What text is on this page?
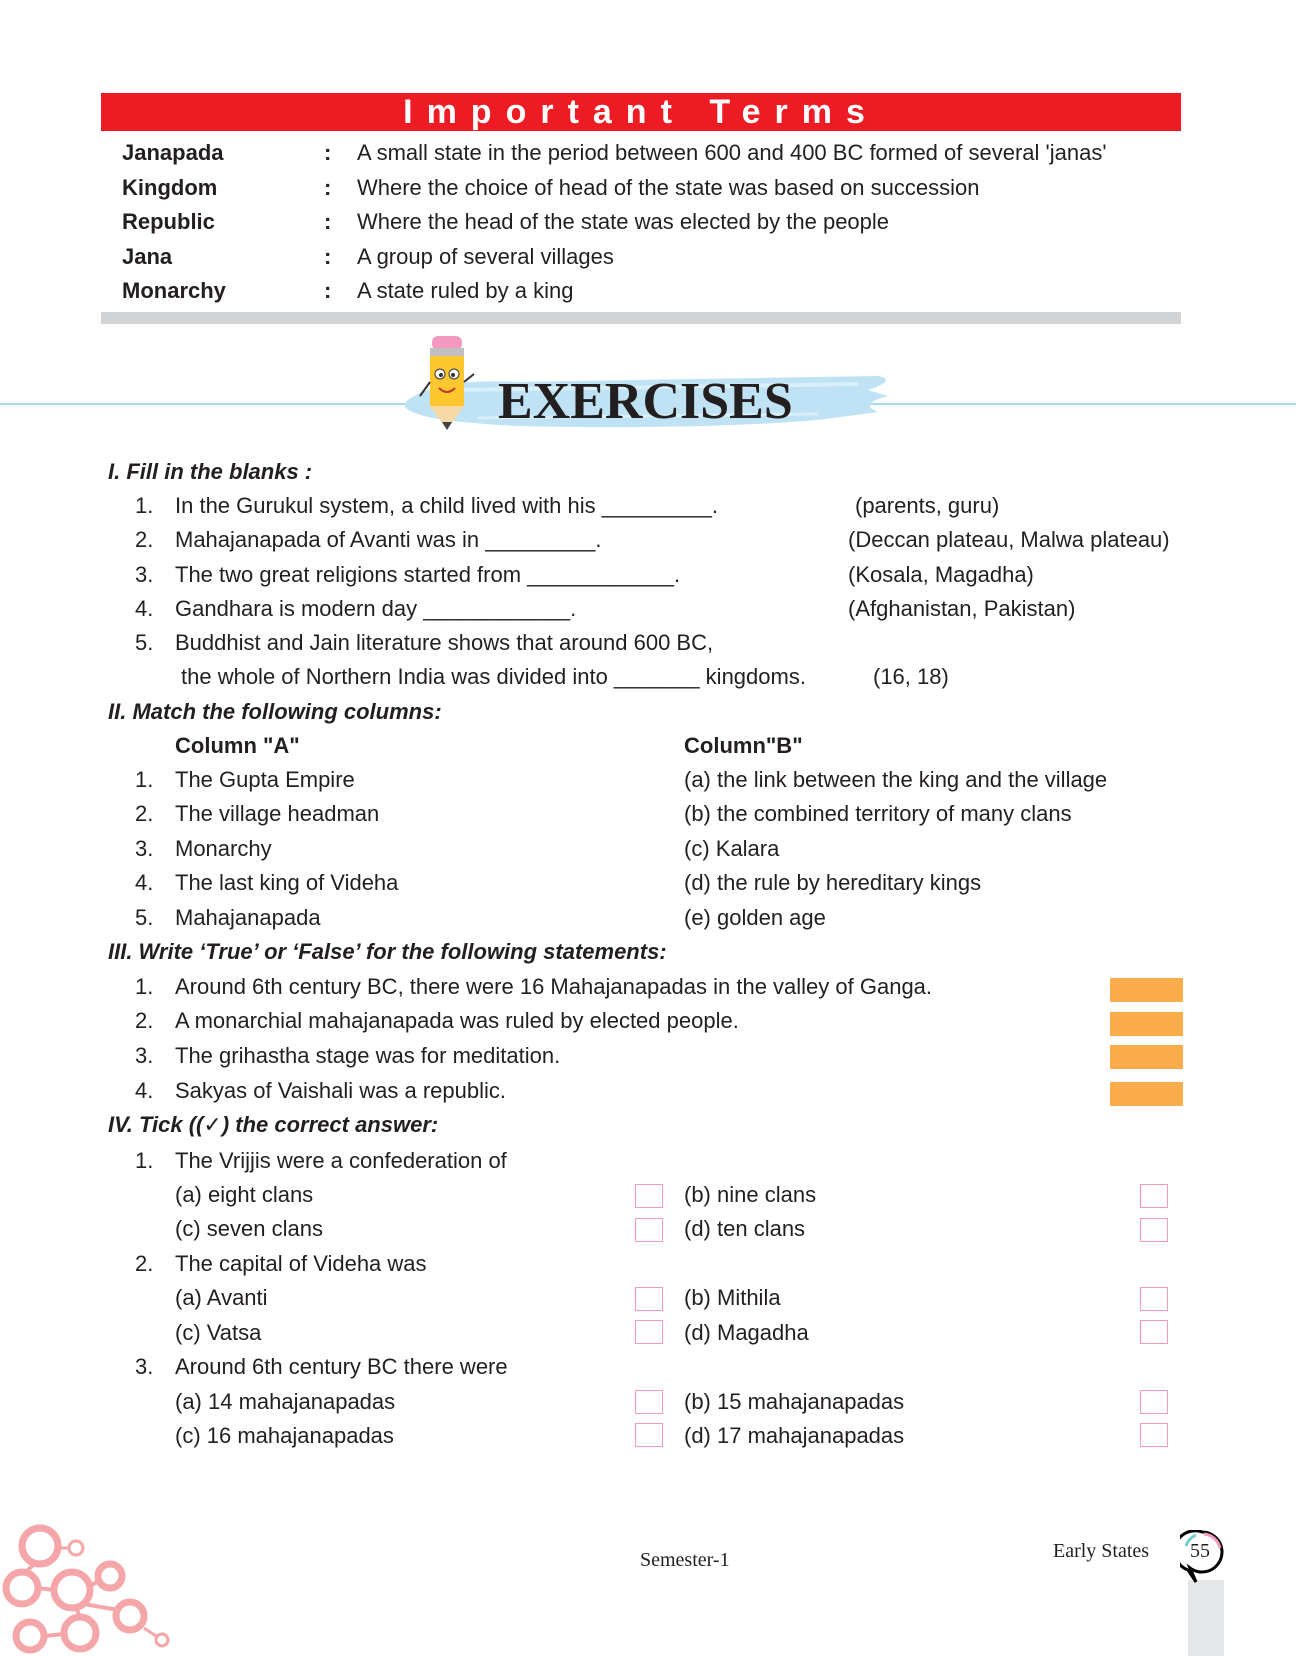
Important Terms
Janapada	: A small state in the period between 600 and 400 BC formed of several 'janas'
Kingdom	: Where the choice of head of the state was based on succession
Republic	: Where the head of the state was elected by the people
Jana	: A group of several villages
Monarchy	: A state ruled by a king
EXERCISES
I. Fill in the blanks :
1. In the Gurukul system, a child lived with his _________.	(parents, guru)
2. Mahajanapada of Avanti was in _________.	(Deccan plateau, Malwa plateau)
3. The two great religions started from ____________.	(Kosala, Magadha)
4. Gandhara is modern day ____________.	(Afghanistan, Pakistan)
5. Buddhist and Jain literature shows that around 600 BC,
the whole of Northern India was divided into _______ kingdoms.	(16, 18)
II. Match the following columns:
Column "A"	Column"B"
1. The Gupta Empire	(a) the link between the king and the village
2. The village headman	(b) the combined territory of many clans
3. Monarchy	(c) Kalara
4. The last king of Videha	(d) the rule by hereditary kings
5. Mahajanapada	(e) golden age
III. Write ‘True’ or ‘False’ for the following statements:
1. Around 6th century BC, there were 16 Mahajanapadas in the valley of Ganga.
2. A monarchial mahajanapada was ruled by elected people.
3. The grihastha stage was for meditation.
4. Sakyas of Vaishali was a republic.
IV. Tick ((✓) the correct answer:
1. The Vrijjis were a confederation of
(a) eight clans	(b) nine clans
(c) seven clans	(d) ten clans
2. The capital of Videha was
(a) Avanti	(b) Mithila
(c) Vatsa	(d) Magadha
3. Around 6th century BC there were
(a) 14 mahajanapadas	(b) 15 mahajanapadas
(c) 16 mahajanapadas	(d) 17 mahajanapadas
Semester-1	Early States	55
